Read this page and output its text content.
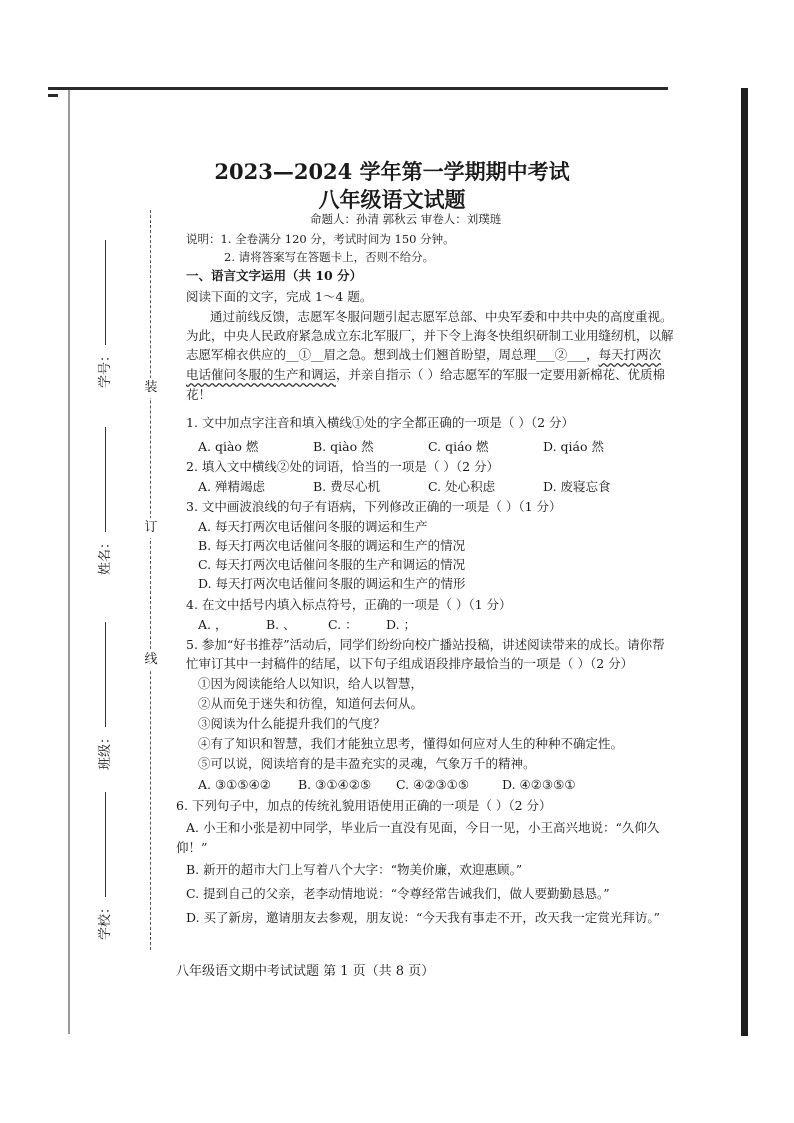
装
订
线
学号：
姓名：
班级：
学校：
2023—2024 学年第一学期期中考试
八年级语文试题
命题人：孙清 郭秋云 审卷人：刘璞琏
说明：1. 全卷满分 120 分，考试时间为 150 分钟。
2. 请将答案写在答题卡上，否则不给分。
一、语言文字运用（共 10 分）
阅读下面的文字，完成 1～4 题。
通过前线反馈，志愿军冬服问题引起志愿军总部、中央军委和中共中央的高度重视。
为此，中央人民政府紧急成立东北军服厂，并下令上海冬快组织研制工业用缝纫机，以解
志愿军棉衣供应的__①__眉之急。想到战士们翘首盼望，周总理___②___，每天打两次
电话催问冬服的生产和调运，并亲自指示（ ）给志愿军的军服一定要用新棉花、优质棉
花！
1. 文中加点字注音和填入横线①处的字全都正确的一项是（ ）（2 分）
A. qiào 燃	B. qiào 然	C. qiáo 燃	D. qiáo 然
2. 填入文中横线②处的词语，恰当的一项是（ ）（2 分）
A. 殚精竭虑	B. 费尽心机	C. 处心积虑	D. 废寝忘食
3. 文中画波浪线的句子有语病，下列修改正确的一项是（ ）（1 分）
A. 每天打两次电话催问冬服的调运和生产
B. 每天打两次电话催问冬服的调运和生产的情况
C. 每天打两次电话催问冬服的生产和调运的情况
D. 每天打两次电话催问冬服的调运和生产的情形
4. 在文中括号内填入标点符号，正确的一项是（ ）（1 分）
A. ，	B. 、	C. ： D. ；
5. 参加“好书推荐”活动后，同学们纷纷向校广播站投稿，讲述阅读带来的成长。请你帮
忙审订其中一封稿件的结尾，以下句子组成语段排序最恰当的一项是（ ）（2 分）
①因为阅读能给人以知识，给人以智慧，
②从而免于迷失和彷徨，知道何去何从。
③阅读为什么能提升我们的气度？
④有了知识和智慧，我们才能独立思考，懂得如何应对人生的种种不确定性。
⑤可以说，阅读培育的是丰盈充实的灵魂，气象万千的精神。
A. ③①⑤④② B. ③①④②⑤ C. ④②③①⑤	D. ④②③⑤①
6. 下列句子中，加点的传统礼貌用语使用正确的一项是（ ）（2 分）
A. 小王和小张是初中同学，毕业后一直没有见面，今日一见，小王高兴地说：“久仰久
仰！”
B. 新开的超市大门上写着八个大字：“物美价廉，欢迎惠顾。”
C. 提到自己的父亲，老李动情地说：“令尊经常告诫我们，做人要勤勤恳恳。”
D. 买了新房，邀请朋友去参观，朋友说：“今天我有事走不开，改天我一定赏光拜访。”
八年级语文期中考试试题 第 1 页（共 8 页）
